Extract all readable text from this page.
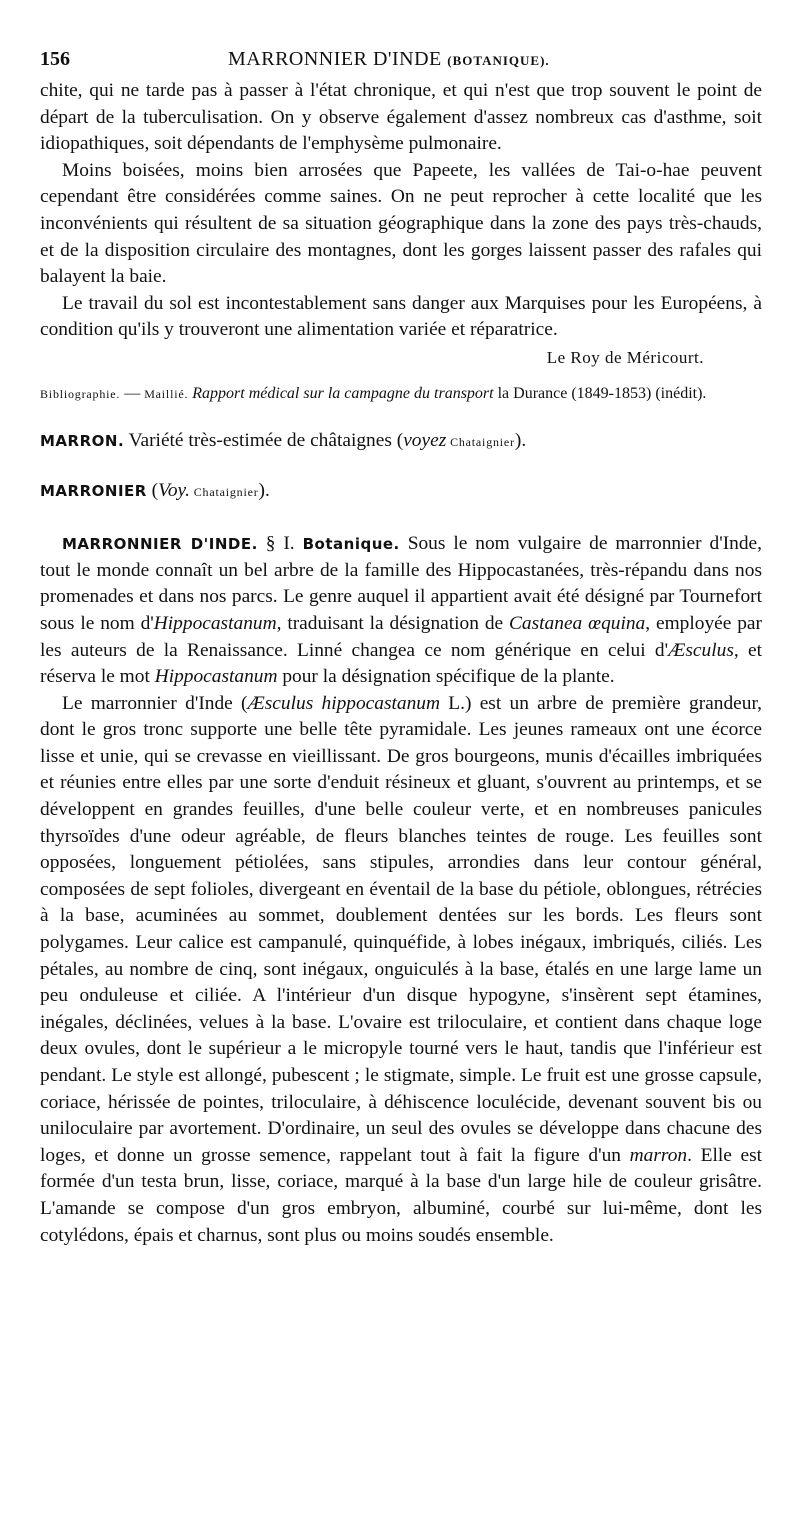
156	MARRONNIER D'INDE (BOTANIQUE).

chite, qui ne tarde pas à passer à l'état chronique, et qui n'est que trop souvent le point de départ de la tuberculisation. On y observe également d'assez nombreux cas d'asthme, soit idiopathiques, soit dépendants de l'emphysème pulmonaire.

Moins boisées, moins bien arrosées que Papeete, les vallées de Tai-o-hae peuvent cependant être considérées comme saines. On ne peut reprocher à cette localité que les inconvénients qui résultent de sa situation géographique dans la zone des pays très-chauds, et de la disposition circulaire des montagnes, dont les gorges laissent passer des rafales qui balayent la baie.

Le travail du sol est incontestablement sans danger aux Marquises pour les Européens, à condition qu'ils y trouveront une alimentation variée et réparatrice.

Le Roy de Méricourt.
Bibliographie. — Maillié. Rapport médical sur la campagne du transport la Durance (1849-1853) (inédit).
MARRON. Variété très-estimée de châtaignes (voyez Chataignier).
MARRONIER (Voy. Chataignier).

MARRONNIER D'INDE. § I. Botanique. Sous le nom vulgaire de marronnier d'Inde, tout le monde connaît un bel arbre de la famille des Hippocastanées, très-répandu dans nos promenades et dans nos parcs. Le genre auquel il appartient avait été désigné par Tournefort sous le nom d'Hippocastanum, traduisant la désignation de Castanea œquina, employée par les auteurs de la Renaissance. Linné changea ce nom générique en celui d'Æsculus, et réserva le mot Hippocastanum pour la désignation spécifique de la plante.

Le marronnier d'Inde (Æsculus hippocastanum L.) est un arbre de première grandeur, dont le gros tronc supporte une belle tête pyramidale. Les jeunes rameaux ont une écorce lisse et unie, qui se crevasse en vieillissant. De gros bourgeons, munis d'écailles imbriquées et réunies entre elles par une sorte d'enduit résineux et gluant, s'ouvrent au printemps, et se développent en grandes feuilles, d'une belle couleur verte, et en nombreuses panicules thyrsoïdes d'une odeur agréable, de fleurs blanches teintes de rouge. Les feuilles sont opposées, longuement pétiolées, sans stipules, arrondies dans leur contour général, composées de sept folioles, divergeant en éventail de la base du pétiole, oblongues, rétrécies à la base, acuminées au sommet, doublement dentées sur les bords. Les fleurs sont polygames. Leur calice est campanulé, quinquéfide, à lobes inégaux, imbriqués, ciliés. Les pétales, au nombre de cinq, sont inégaux, onguiculés à la base, étalés en une large lame un peu onduleuse et ciliée. A l'intérieur d'un disque hypogyne, s'insèrent sept étamines, inégales, déclinées, velues à la base. L'ovaire est triloculaire, et contient dans chaque loge deux ovules, dont le supérieur a le micropyle tourné vers le haut, tandis que l'inférieur est pendant. Le style est allongé, pubescent ; le stigmate, simple. Le fruit est une grosse capsule, coriace, hérissée de pointes, triloculaire, à déhiscence loculécide, devenant souvent bis ou uniloculaire par avortement. D'ordinaire, un seul des ovules se développe dans chacune des loges, et donne un grosse semence, rappelant tout à fait la figure d'un marron. Elle est formée d'un testa brun, lisse, coriace, marqué à la base d'un large hile de couleur grisâtre. L'amande se compose d'un gros embryon, albuminé, courbé sur lui-même, dont les cotylédons, épais et charnus, sont plus ou moins soudés ensemble.
